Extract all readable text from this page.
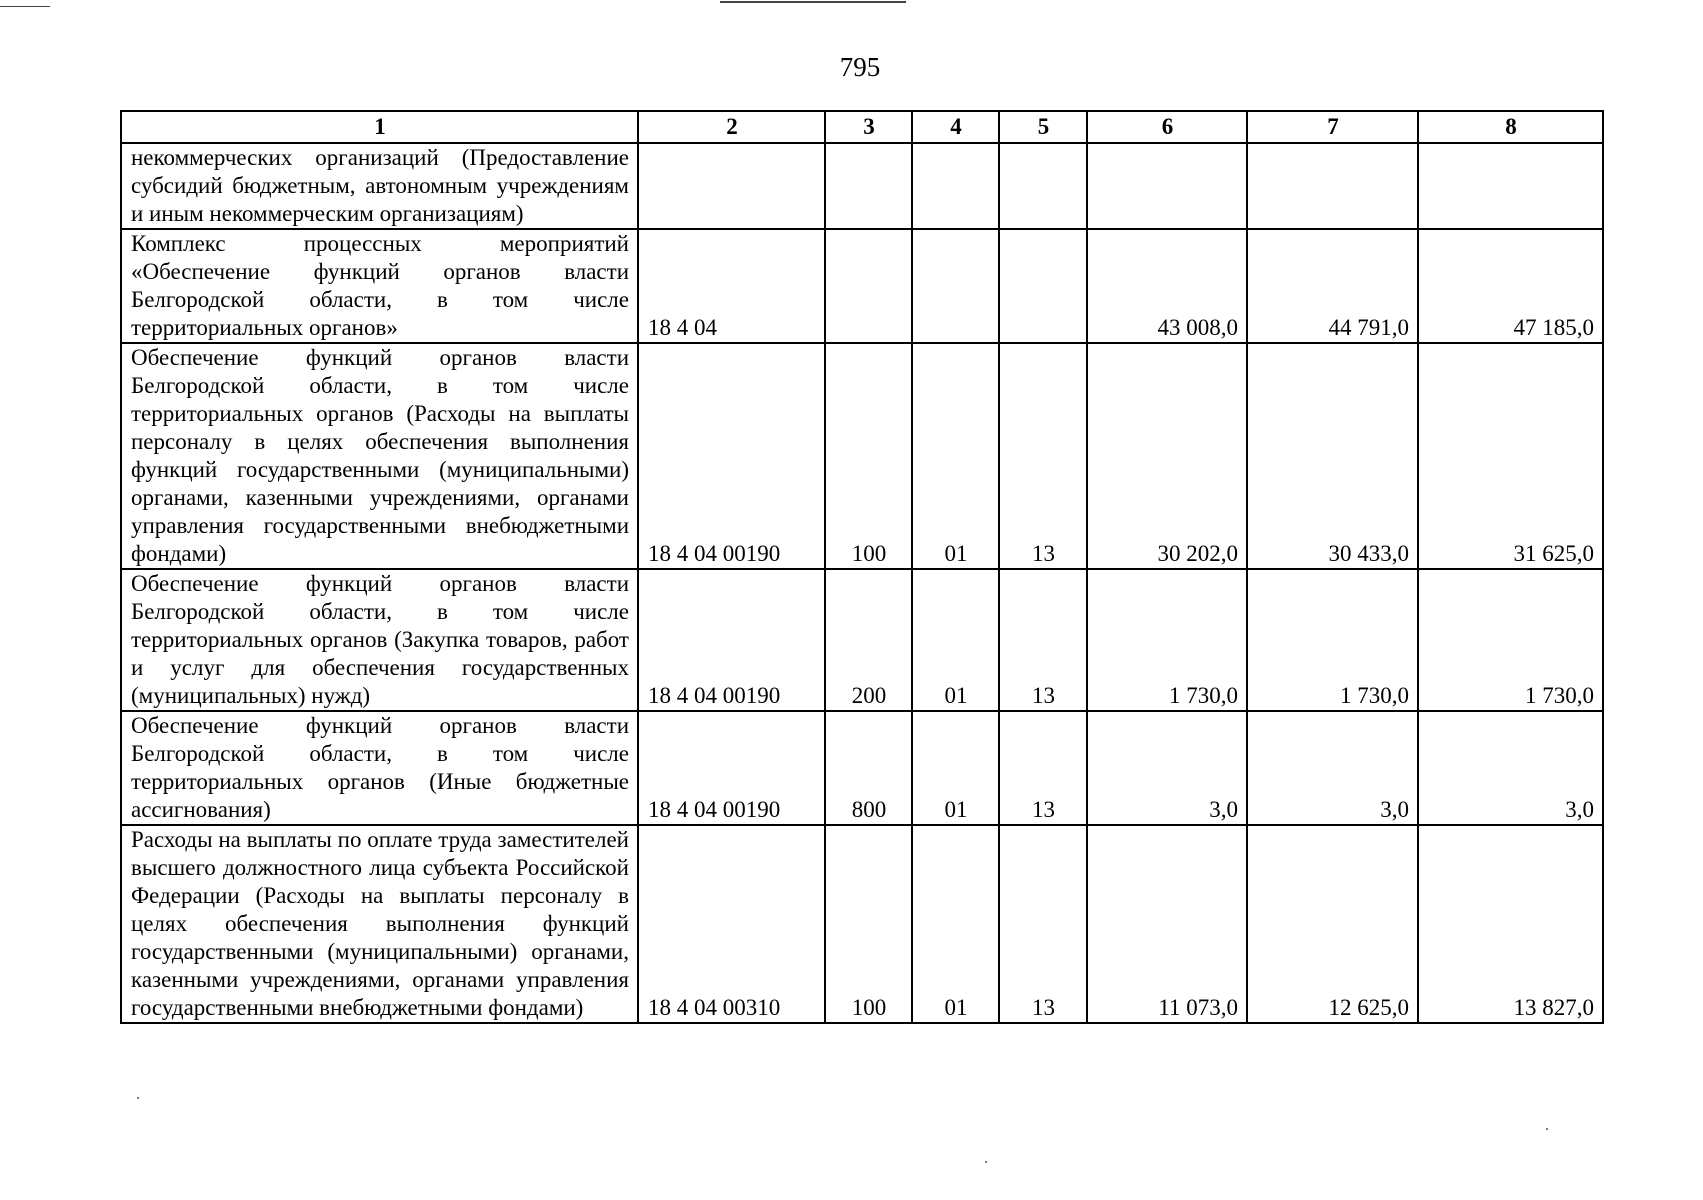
795
1	2	3	4	5	6	7	8
некоммерческих организаций (Предоставление субсидий бюджетным, автономным учреждениям и иным некоммерческим организациям)							
Комплекс процессных мероприятий «Обеспечение функций органов власти Белгородской области, в том числе территориальных органов»	18 4 04				43 008,0	44 791,0	47 185,0
Обеспечение функций органов власти Белгородской области, в том числе территориальных органов (Расходы на выплаты персоналу в целях обеспечения выполнения функций государственными (муниципальными) органами, казенными учреждениями, органами управления государственными внебюджетными фондами)	18 4 04 00190	100	01	13	30 202,0	30 433,0	31 625,0
Обеспечение функций органов власти Белгородской области, в том числе территориальных органов (Закупка товаров, работ и услуг для обеспечения государственных (муниципальных) нужд)	18 4 04 00190	200	01	13	1 730,0	1 730,0	1 730,0
Обеспечение функций органов власти Белгородской области, в том числе территориальных органов (Иные бюджетные ассигнования)	18 4 04 00190	800	01	13	3,0	3,0	3,0
Расходы на выплаты по оплате труда заместителей высшего должностного лица субъекта Российской Федерации (Расходы на выплаты персоналу в целях обеспечения выполнения функций государственными (муниципальными) органами, казенными учреждениями, органами управления государственными внебюджетными фондами)	18 4 04 00310	100	01	13	11 073,0	12 625,0	13 827,0
